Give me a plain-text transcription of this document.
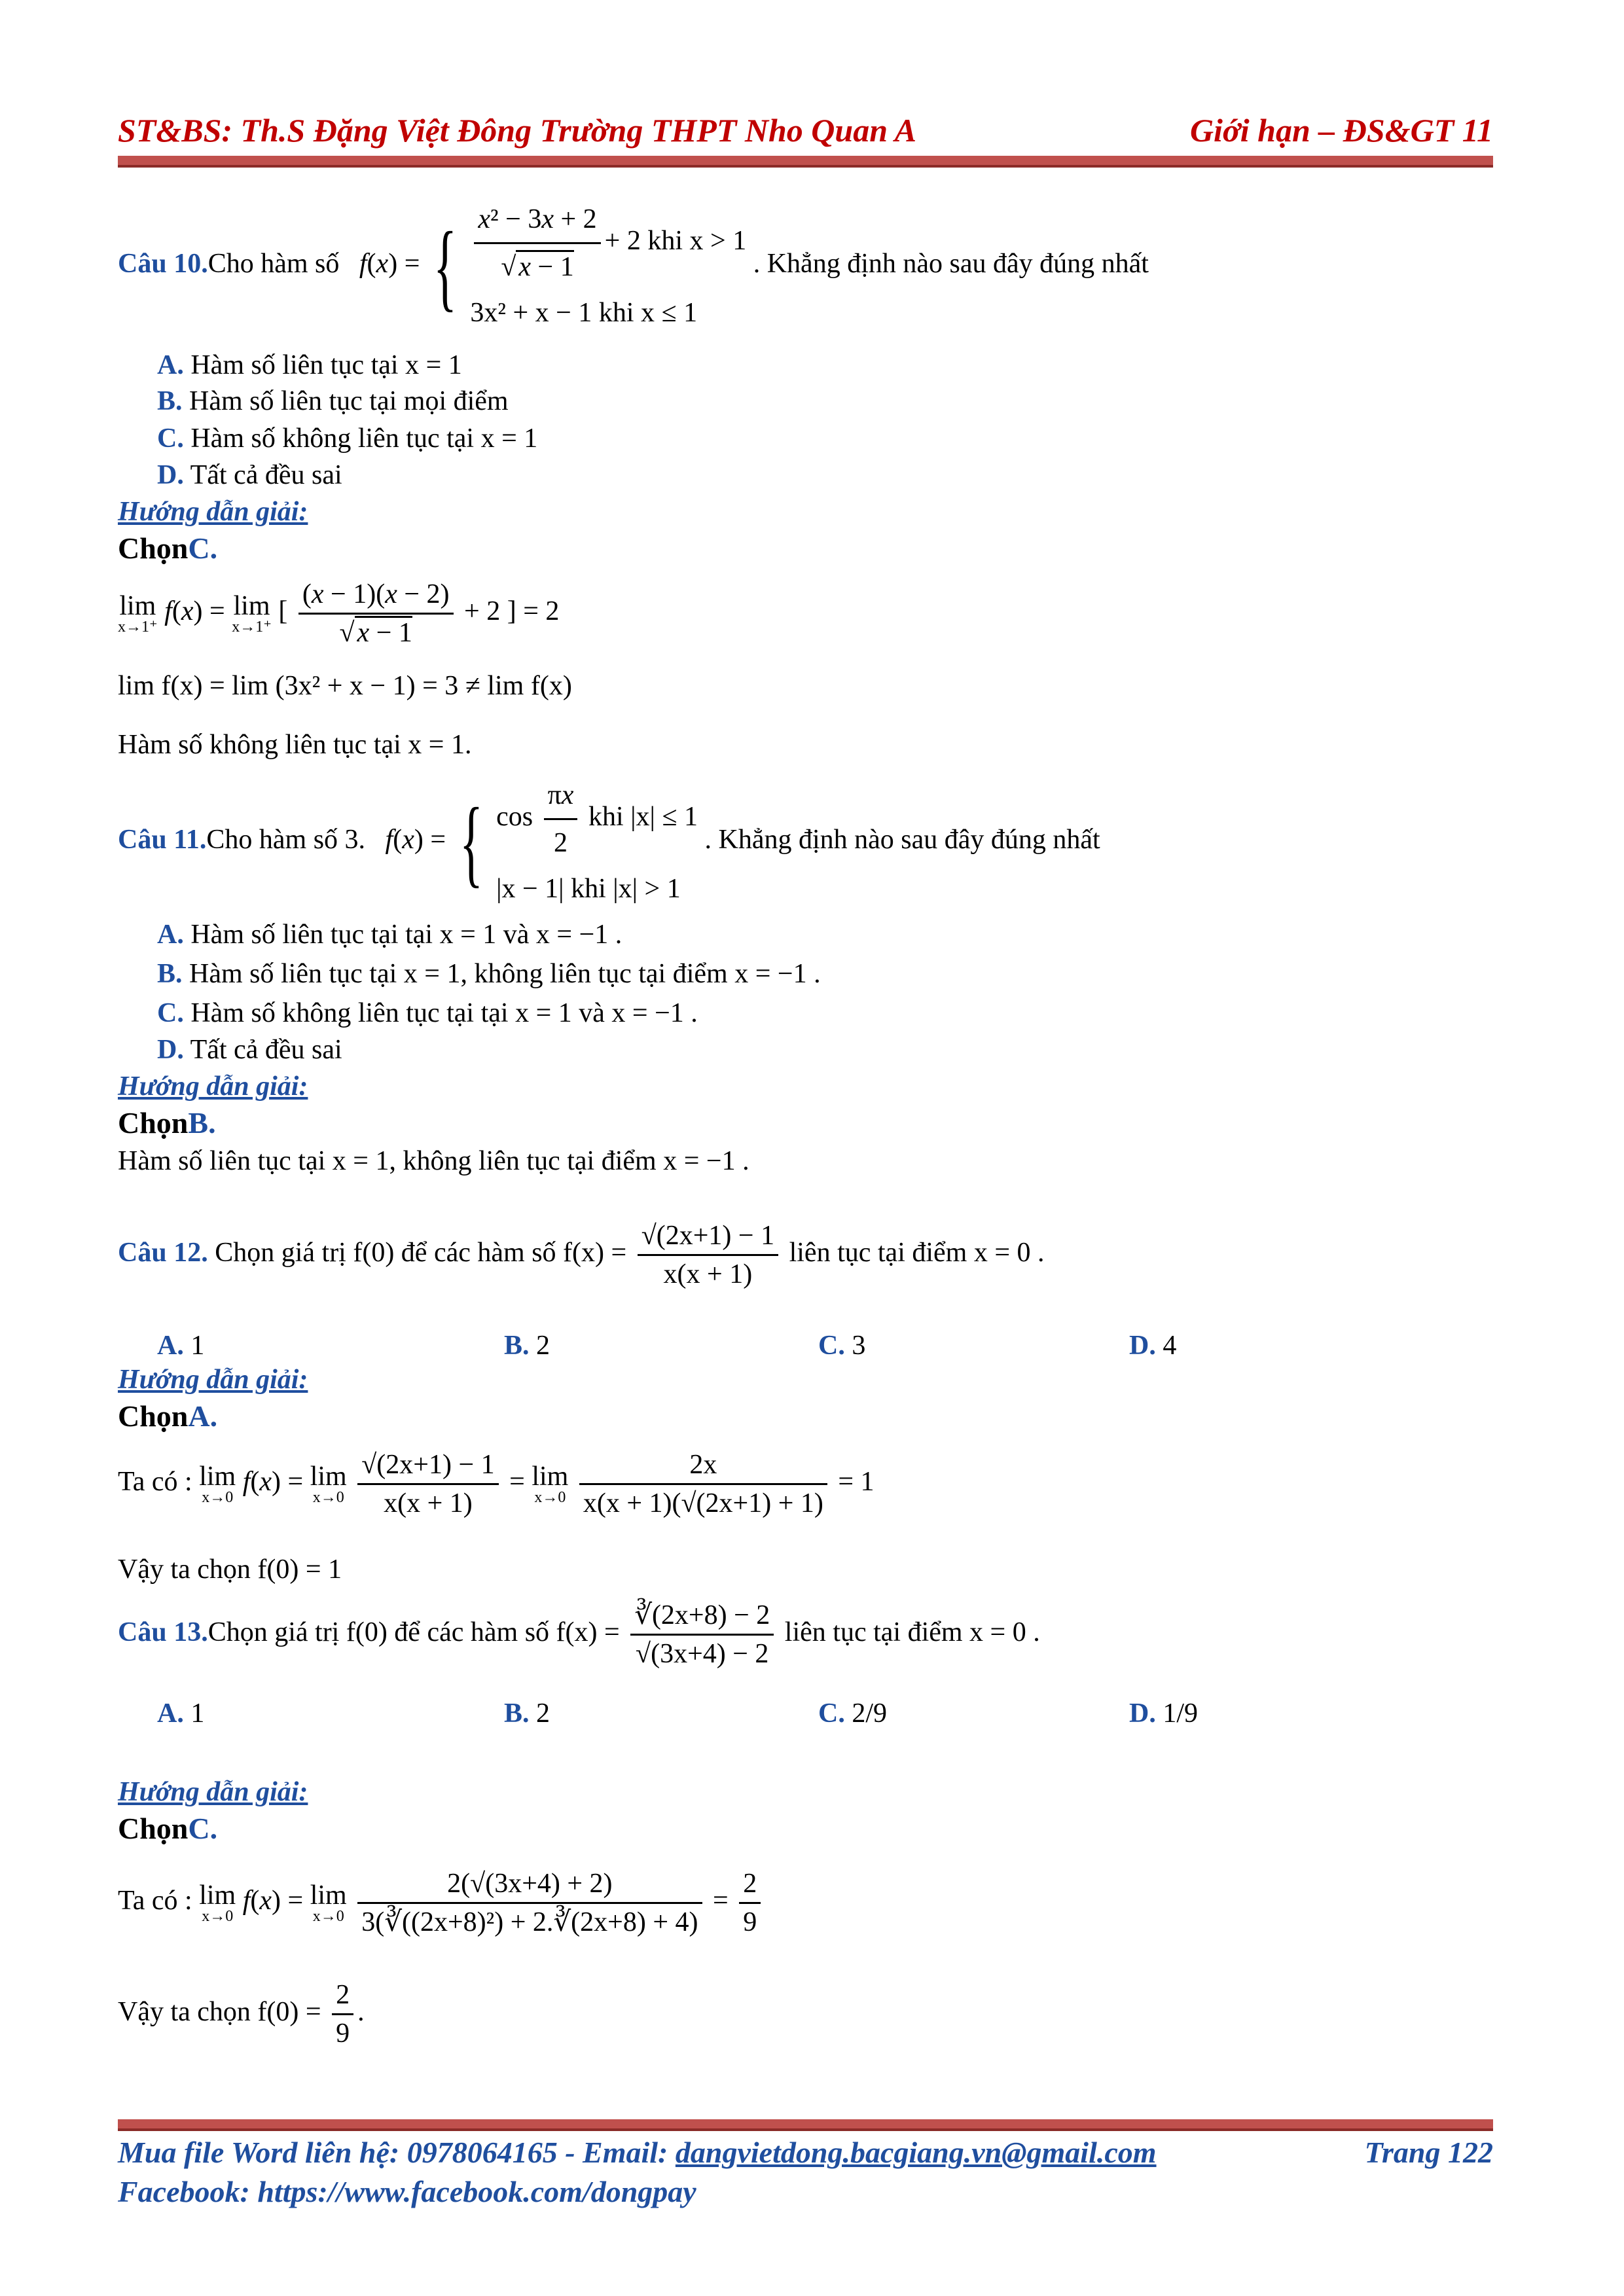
ST&BS: Th.S Đặng Việt Đông Trường THPT Nho Quan A	Giới hạn – ĐS&GT 11
Câu 10.Cho hàm số f(x) = { $\frac{\text{x² − 3x + 2}}{√x - 1} + 2$ khi x > 1
3x² + x − 1 khi x ≤ 1
. Khẳng định nào sau đây đúng nhất
A. Hàm số liên tục tại x = 1
B. Hàm số liên tục tại mọi điểm
C. Hàm số không liên tục tại x = 1
D. Tất cả đều sai
Hướng dẫn giải:
ChọnC.
lim
x→1⁺
f(x) = lim
x→1⁺
[ $\frac{(x - 1)(x - 2)}{√x - 1} + 2$ ] = 2
lim f(x) = lim (3x² + x − 1) = 3 ≠ lim f(x)
Hàm số không liên tục tại x = 1.
Câu 11.Cho hàm số 3. f(x) = { $\cos \frac{\pi x}{2}$ khi |x| ≤ 1
|x − 1| khi |x| > 1
. Khẳng định nào sau đây đúng nhất
A. Hàm số liên tục tại tại x = 1 và x = −1 .
B. Hàm số liên tục tại x = 1, không liên tục tại điểm x = −1 .
C. Hàm số không liên tục tại tại x = 1 và x = −1 .
D. Tất cả đều sai
Hướng dẫn giải:
ChọnB.
Hàm số liên tục tại x = 1, không liên tục tại điểm x = −1 .
Câu 12. Chọn giá trị f(0) để các hàm số $f(x) = \frac{√(2x+1) - 1}{x(x + 1)}$ liên tục tại điểm x = 0 .
A. 1	B. 2	C. 3	D. 4
Hướng dẫn giải:
ChọnA.
Ta có : lim
x→0
f(x) = lim
x→0
$\frac{√(2x+1) - 1}{x(x + 1)} = \lim$
x→0
$\frac{2x}{x(x + 1)(√(2x+1) + 1)} = 1$
Vậy ta chọn f(0) = 1
Câu 13.Chọn giá trị f(0) để các hàm số $f(x) = \frac{∛(2x+8) - 2}{√(3x+4) - 2}$ liên tục tại điểm x = 0 .
A. 1	B. 2	C. 2/9	D. 1/9
Hướng dẫn giải:
ChọnC.
Ta có : lim
x→0
f(x) = lim
x→0
$\frac{2(√(3x+4) + 2)}{\text{3(∛((2x+8)²) + 2.∛(2x+8) + 4)}} = \frac{2}{9}$
Vậy ta chọn $f(0) = \frac{2}{9}$ .
Mua file Word liên hệ: 0978064165 - Email: dangvietdong.bacgiang.vn@gmail.com	Trang 122
Facebook: https://www.facebook.com/dongpay
